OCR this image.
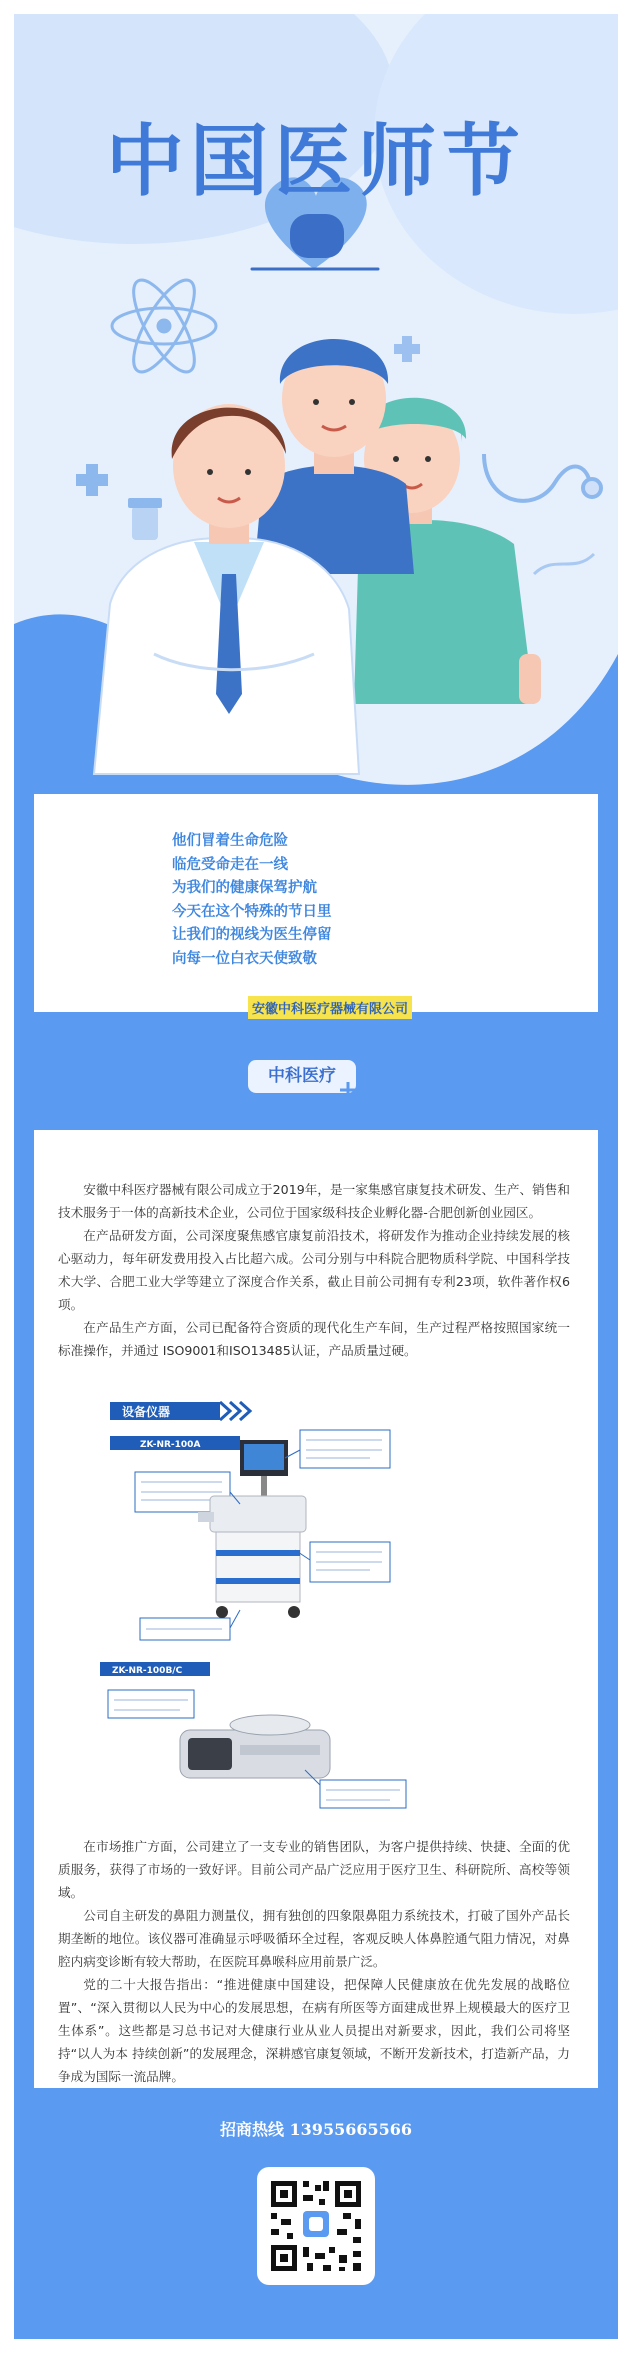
中国医师节
他们冒着生命危险
临危受命走在一线
为我们的健康保驾护航
今天在这个特殊的节日里
让我们的视线为医生停留
向每一位白衣天使致敬
安徽中科医疗器械有限公司
中科医疗

安徽中科医疗器械有限公司成立于2019年，是一家集感官康复技术研发、生产、销售和技术服务于一体的高新技术企业，公司位于国家级科技企业孵化器-合肥创新创业园区。

在产品研发方面，公司深度聚焦感官康复前沿技术，将研发作为推动企业持续发展的核心驱动力，每年研发费用投入占比超六成。公司分别与中科院合肥物质科学院、中国科学技术大学、合肥工业大学等建立了深度合作关系，截止目前公司拥有专利23项，软件著作权6项。

在产品生产方面，公司已配备符合资质的现代化生产车间，生产过程严格按照国家统一标准操作，并通过 ISO9001和ISO13485认证，产品质量过硬。

设备仪器
ZK-NR-100A
ZK-NR-100B/C

在市场推广方面，公司建立了一支专业的销售团队，为客户提供持续、快捷、全面的优质服务，获得了市场的一致好评。目前公司产品广泛应用于医疗卫生、科研院所、高校等领域。

公司自主研发的鼻阻力测量仪，拥有独创的四象限鼻阻力系统技术，打破了国外产品长期垄断的地位。该仪器可准确显示呼吸循环全过程，客观反映人体鼻腔通气阻力情况，对鼻腔内病变诊断有较大帮助，在医院耳鼻喉科应用前景广泛。

党的二十大报告指出：“推进健康中国建设，把保障人民健康放在优先发展的战略位置”、“深入贯彻以人民为中心的发展思想，在病有所医等方面建成世界上规模最大的医疗卫生体系”。这些都是习总书记对大健康行业从业人员提出对新要求，因此，我们公司将坚持“以人为本 持续创新”的发展理念，深耕感官康复领域，不断开发新技术，打造新产品，力争成为国际一流品牌。

招商热线 13955665566
